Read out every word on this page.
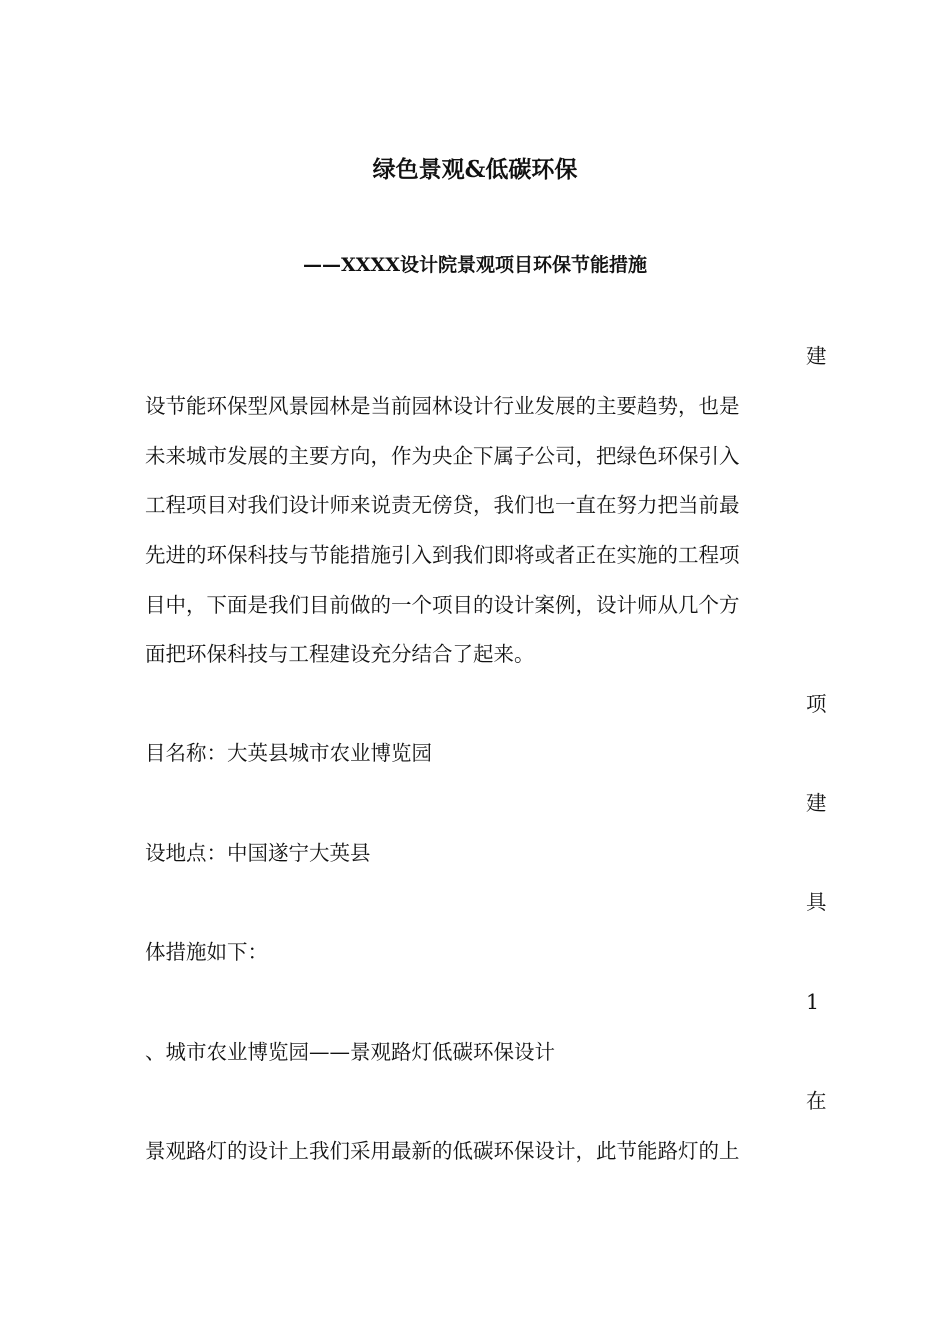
绿色景观&低碳环保
——XXXX设计院景观项目环保节能措施
建
设节能环保型风景园林是当前园林设计行业发展的主要趋势，也是
未来城市发展的主要方向，作为央企下属子公司，把绿色环保引入
工程项目对我们设计师来说责无傍贷，我们也一直在努力把当前最
先进的环保科技与节能措施引入到我们即将或者正在实施的工程项
目中，下面是我们目前做的一个项目的设计案例，设计师从几个方
面把环保科技与工程建设充分结合了起来。
项
目名称：大英县城市农业博览园
建
设地点：中国遂宁大英县
具
体措施如下：
1
、城市农业博览园——景观路灯低碳环保设计
在
景观路灯的设计上我们采用最新的低碳环保设计，此节能路灯的上
